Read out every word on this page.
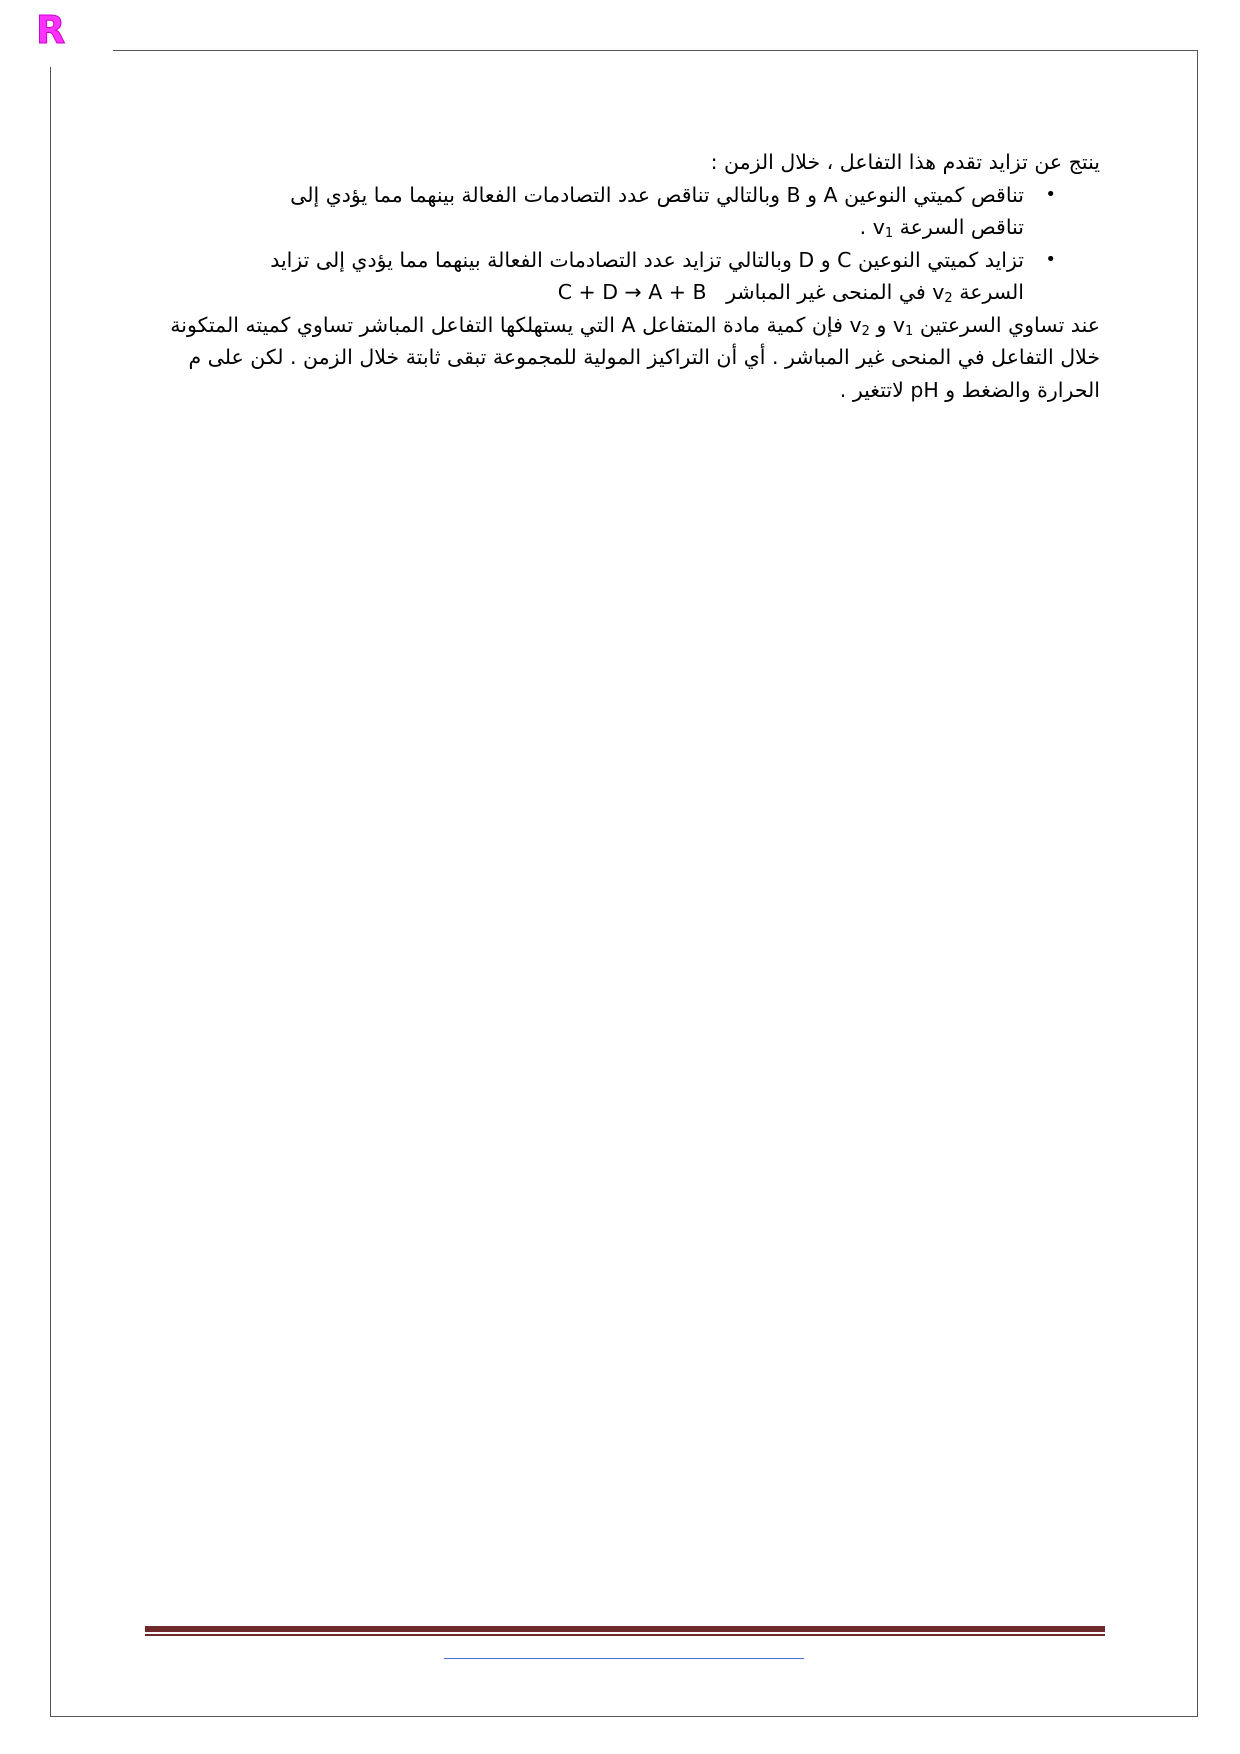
R

ينتج عن تزايد تقدم هذا التفاعل ، خلال الزمن :

•
تناقص كميتي النوعين A و B وبالتالي تناقص عدد التصادمات الفعالة بينهما مما يؤدي إلى
تناقص السرعة $v_1$ .
•
تزايد كميتي النوعين C و D وبالتالي تزايد عدد التصادمات الفعالة بينهما مما يؤدي إلى تزايد
السرعة $v_2$ في المنحى غير المباشر   C + D → A + B

عند تساوي السرعتين $v_1$ و $v_2$ فإن كمية مادة المتفاعل A التي يستهلكها التفاعل المباشر تساوي كميته المتكونة خلال التفاعل في المنحى غير المباشر . أي أن التراكيز المولية للمجموعة تبقى ثابتة خلال الزمن . لكن على م

الحرارة والضغط و pH لاتتغير .
